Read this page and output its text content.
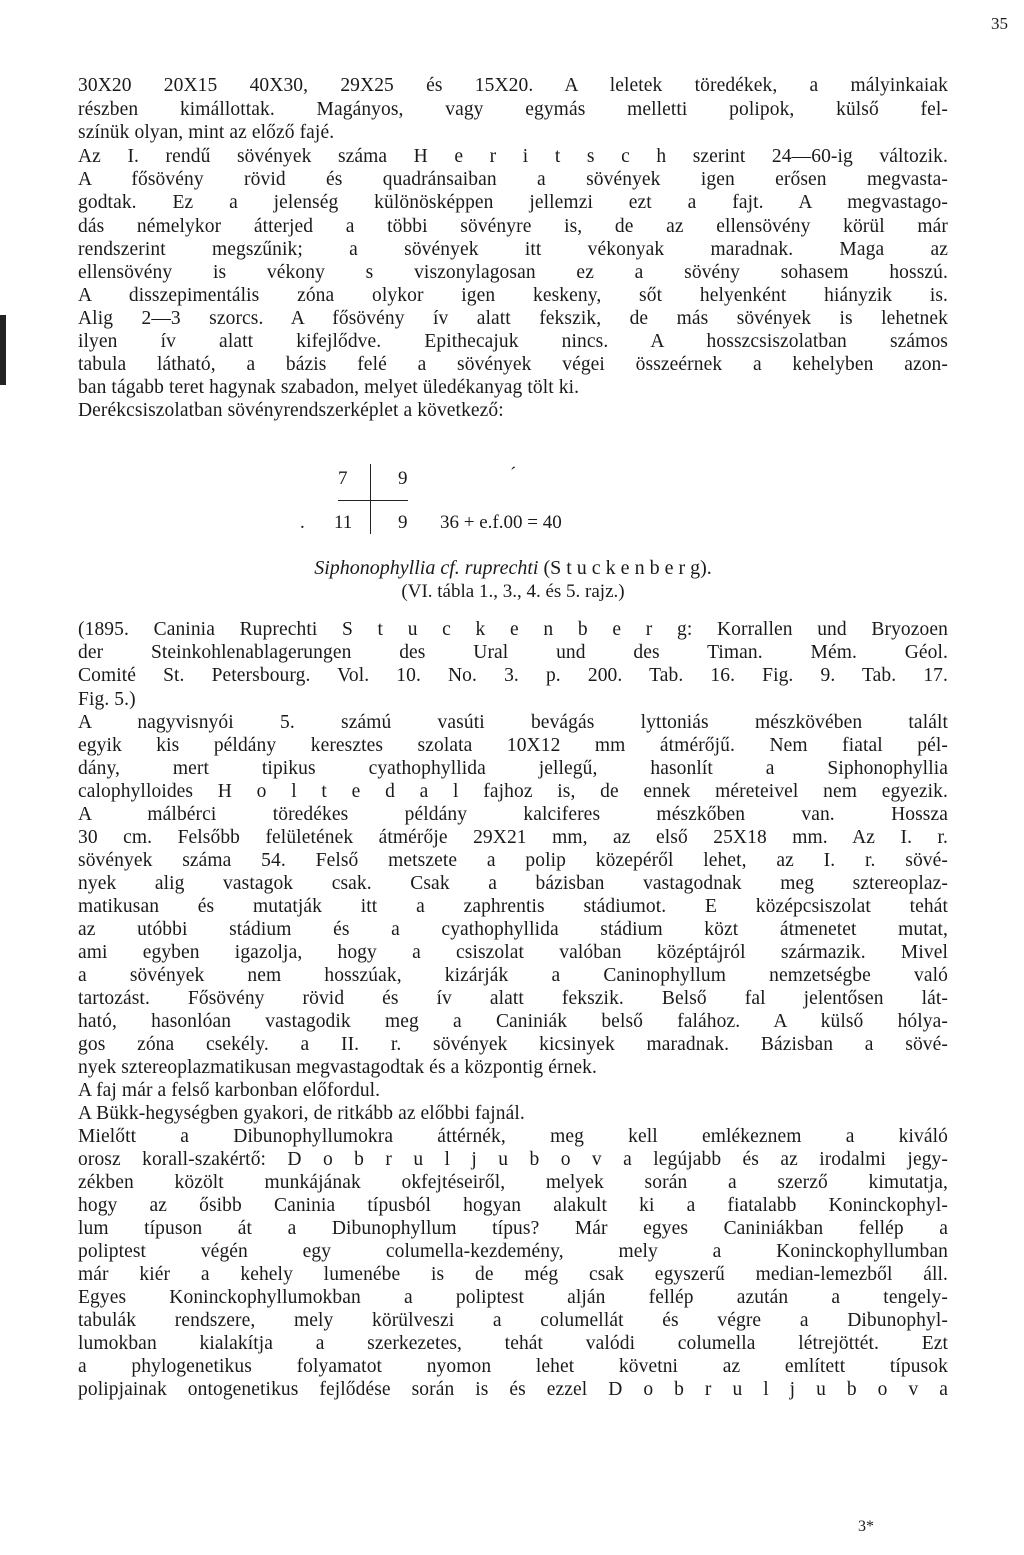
35
30X20 20X15 40X30, 29X25 és 15X20. A leletek töredékek, a mályinkaiak
részben kimállottak. Magányos, vagy egymás melletti polipok, külső fel-
színük olyan, mint az előző fajé.
Az I. rendű sövények száma H e r i t s c h szerint 24—60-ig változik.
A fősövény rövid és quadránsaiban a sövények igen erősen megvasta-
godtak. Ez a jelenség különösképpen jellemzi ezt a fajt. A megvastago-
dás némelykor átterjed a többi sövényre is, de az ellensövény körül már
rendszerint megszűnik; a sövények itt vékonyak maradnak. Maga az
ellensövény is vékony s viszonylagosan ez a sövény sohasem hosszú.
A disszepimentális zóna olykor igen keskeny, sőt helyenként hiányzik is.
Alig 2—3 szorcs. A fősövény ív alatt fekszik, de más sövények is lehetnek
ilyen ív alatt kifejlődve. Epithecajuk nincs. A hosszcsiszolatban számos
tabula látható, a bázis felé a sövények végei összeérnek a kehelyben azon-
ban tágabb teret hagynak szabadon, melyet üledékanyag tölt ki.
Derékcsiszolatban sövényrendszerképlet a következő:
7	9	´
. 11 9 36 + e.f.00 = 40
Siphonophyllia cf. ruprechti (S t u c k e n b e r g).
(VI. tábla 1., 3., 4. és 5. rajz.)
(1895. Caninia Ruprechti S t u c k e n b e r g: Korrallen und Bryozoen
der Steinkohlenablagerungen des Ural und des Timan. Mém. Géol.
Comité St. Petersbourg. Vol. 10. No. 3. p. 200. Tab. 16. Fig. 9. Tab. 17.
Fig. 5.)
A nagyvisnyói 5. számú vasúti bevágás lyttoniás mészkövében talált
egyik kis példány keresztes szolata 10X12 mm átmérőjű. Nem fiatal pél-
dány, mert tipikus cyathophyllida jellegű, hasonlít a Siphonophyllia
calophylloides H o l t e d a l fajhoz is, de ennek méreteivel nem egyezik.
A málbérci töredékes példány kalciferes mészkőben van. Hossza
30 cm. Felsőbb felületének átmérője 29X21 mm, az első 25X18 mm. Az I. r.
sövények száma 54. Felső metszete a polip közepéről lehet, az I. r. sövé-
nyek alig vastagok csak. Csak a bázisban vastagodnak meg sztereoplaz-
matikusan és mutatják itt a zaphrentis stádiumot. E középcsiszolat tehát
az utóbbi stádium és a cyathophyllida stádium közt átmenetet mutat,
ami egyben igazolja, hogy a csiszolat valóban középtájról származik. Mivel
a sövények nem hosszúak, kizárják a Caninophyllum nemzetségbe való
tartozást. Fősövény rövid és ív alatt fekszik. Belső fal jelentősen lát-
ható, hasonlóan vastagodik meg a Caniniák belső falához. A külső hólya-
gos zóna csekély. a II. r. sövények kicsinyek maradnak. Bázisban a sövé-
nyek sztereoplazmatikusan megvastagodtak és a központig érnek.
A faj már a felső karbonban előfordul.
A Bükk-hegységben gyakori, de ritkább az előbbi fajnál.
Mielőtt a Dibunophyllumokra áttérnék, meg kell emlékeznem a kiváló
orosz korall-szakértő: D o b r u l j u b o v a legújabb és az irodalmi jegy-
zékben közölt munkájának okfejtéseiről, melyek során a szerző kimutatja,
hogy az ősibb Caninia típusból hogyan alakult ki a fiatalabb Koninckophyl-
lum típuson át a Dibunophyllum típus? Már egyes Caniniákban fellép a
poliptest végén egy columella-kezdemény, mely a Koninckophyllumban
már kiér a kehely lumenébe is de még csak egyszerű median-lemezből áll.
Egyes Koninckophyllumokban a poliptest alján fellép azután a tengely-
tabulák rendszere, mely körülveszi a columellát és végre a Dibunophyl-
lumokban kialakítja a szerkezetes, tehát valódi columella létrejöttét. Ezt
a phylogenetikus folyamatot nyomon lehet követni az említett típusok
polipjainak ontogenetikus fejlődése során is és ezzel D o b r u l j u b o v a
3*
